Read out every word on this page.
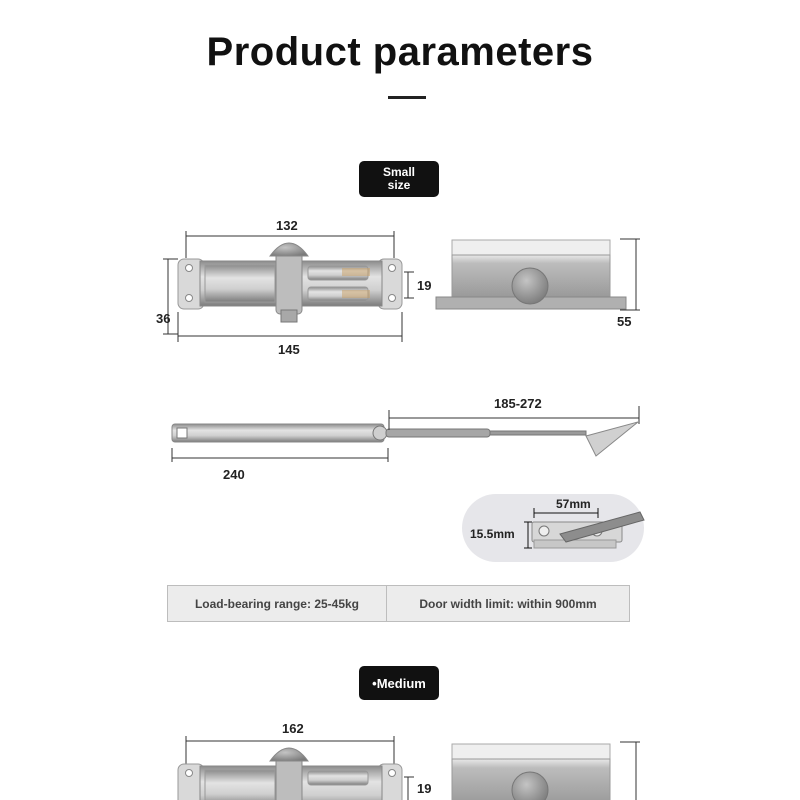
Product parameters
Small size
132
19
36
145
55
185-272
240
57mm
15.5mm
Load-bearing range: 25-45kg	Door width limit: within 900mm
•Medium
162
19
